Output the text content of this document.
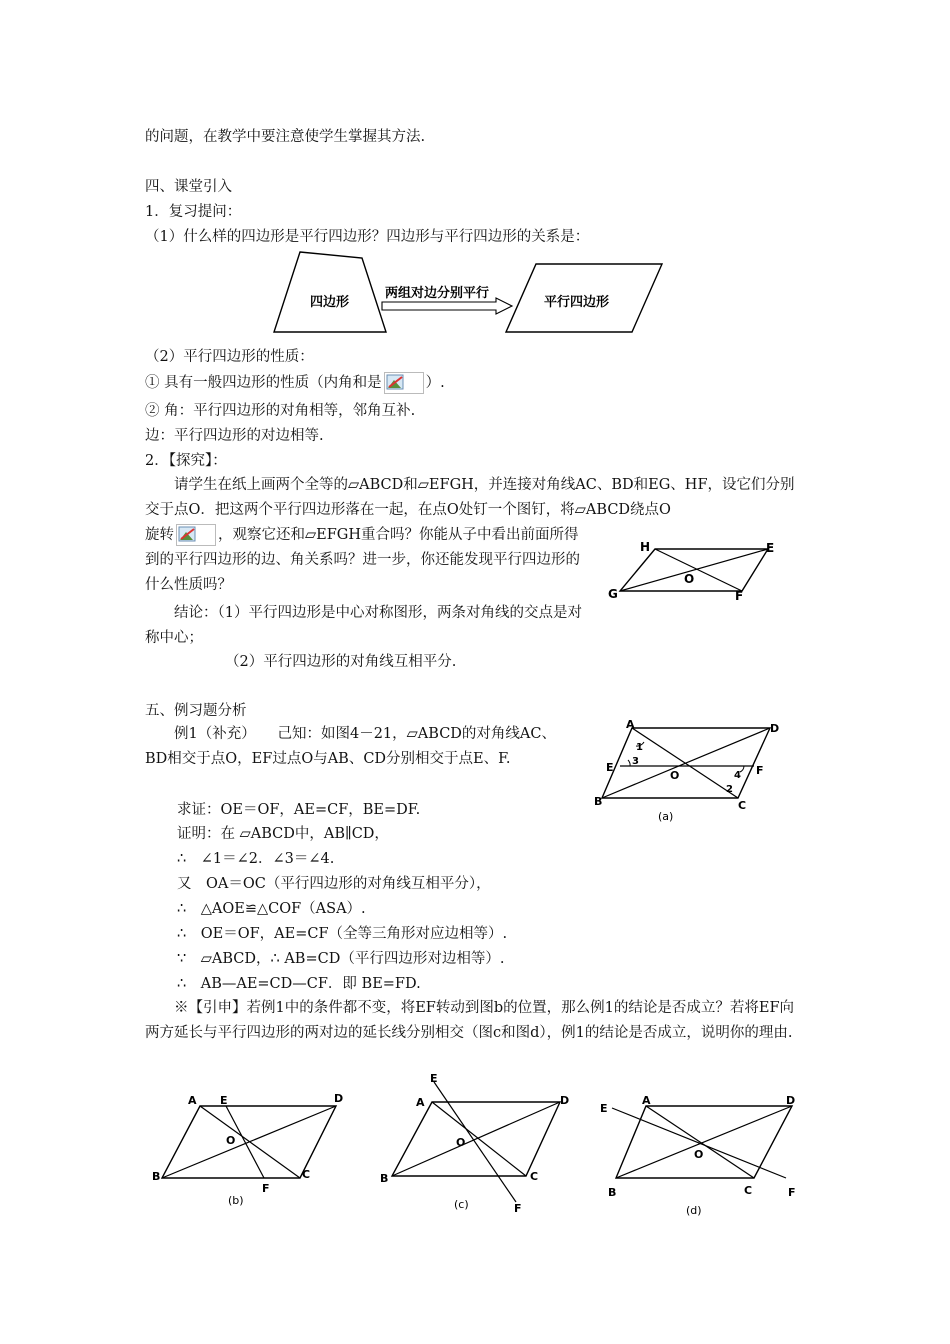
的问题，在教学中要注意使学生掌握其方法.
四、课堂引入
1．复习提问：
（1）什么样的四边形是平行四边形？四边形与平行四边形的关系是：
四边形
两组对边分别平行
平行四边形
（2）平行四边形的性质：
① 具有一般四边形的性质（内角和是	）.
② 角：平行四边形的对角相等，邻角互补.
边：平行四边形的对边相等.
2．【探究】：
请学生在纸上画两个全等的▱ABCD和▱EFGH，并连接对角线AC、BD和EG、HF，设它们分别交于点O．把这两个平行四边形落在一起，在点O处钉一个图钉，将▱ABCD绕点O
旋转	，观察它还和▱EFGH重合吗？你能从子中看出前面所得到的平行四边形的边、角关系吗？进一步，你还能发现平行四边形的什么性质吗？
结论：（1）平行四边形是中心对称图形，两条对角线的交点是对称中心；
（2）平行四边形的对角线互相平分.
H	E
G	F
O
五、例习题分析
例1（补充）　　己知：如图4－21，▱ABCD的对角线AC、BD相交于点O，EF过点O与AB、CD分别相交于点E、F.
求证：OE＝OF，AE=CF，BE=DF.
证明：在 ▱ABCD中，AB∥CD，
∴　∠1＝∠2．∠3＝∠4.
又　OA＝OC（平行四边形的对角线互相平分），
∴　△AOE≌△COF（ASA）.
∴　OE＝OF，AE=CF（全等三角形对应边相等）.
∵　▱ABCD，∴ AB=CD（平行四边形对边相等）.
∴　AB—AE=CD—CF．即 BE=FD.
※【引申】若例1中的条件都不变，将EF转动到图b的位置，那么例1的结论是否成立？若将EF向两方延长与平行四边形的两对边的延长线分别相交（图c和图d），例1的结论是否成立，说明你的理由.
A	D
B	C
E	F
O
1
3
4
2
(a)
A E	D
O
B
F
C
(b)
E
A	D
O
B	C
F
(c)
E
A	D
O
B	C	F
(d)
